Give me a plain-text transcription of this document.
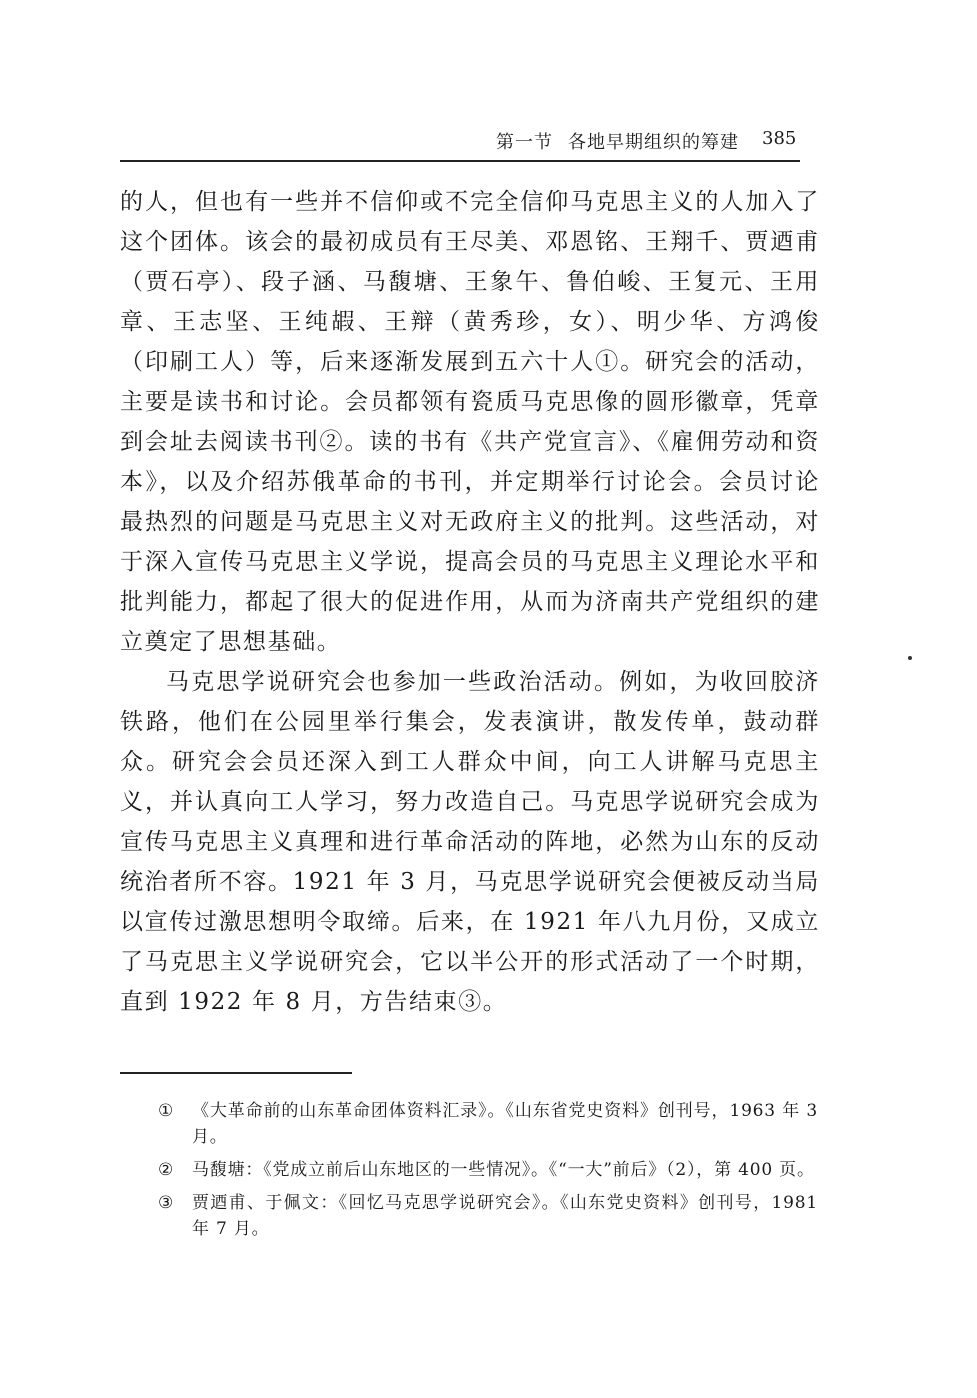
第一节 各地早期组织的筹建 385

的人，但也有一些并不信仰或不完全信仰马克思主义的人加入了这个团体。该会的最初成员有王尽美、邓恩铭、王翔千、贾迺甫（贾石亭）、段子涵、马馥塘、王象午、鲁伯峻、王复元、王用章、王志坚、王纯嘏、王辩（黄秀珍，女）、明少华、方鸿俊（印刷工人）等，后来逐渐发展到五六十人①。研究会的活动，主要是读书和讨论。会员都领有瓷质马克思像的圆形徽章，凭章到会址去阅读书刊②。读的书有《共产党宣言》、《雇佣劳动和资本》，以及介绍苏俄革命的书刊，并定期举行讨论会。会员讨论最热烈的问题是马克思主义对无政府主义的批判。这些活动，对于深入宣传马克思主义学说，提高会员的马克思主义理论水平和批判能力，都起了很大的促进作用，从而为济南共产党组织的建立奠定了思想基础。

马克思学说研究会也参加一些政治活动。例如，为收回胶济铁路，他们在公园里举行集会，发表演讲，散发传单，鼓动群众。研究会会员还深入到工人群众中间，向工人讲解马克思主义，并认真向工人学习，努力改造自己。马克思学说研究会成为宣传马克思主义真理和进行革命活动的阵地，必然为山东的反动统治者所不容。1921 年 3 月，马克思学说研究会便被反动当局以宣传过激思想明令取缔。后来，在 1921 年八九月份，又成立了马克思主义学说研究会，它以半公开的形式活动了一个时期，直到 1922 年 8 月，方告结束③。

① 《大革命前的山东革命团体资料汇录》。《山东省党史资料》创刊号，1963 年 3 月。
② 马馥塘：《党成立前后山东地区的一些情况》。《“一大”前后》（2），第 400 页。
③ 贾迺甫、于佩文：《回忆马克思学说研究会》。《山东党史资料》创刊号，1981 年 7 月。
